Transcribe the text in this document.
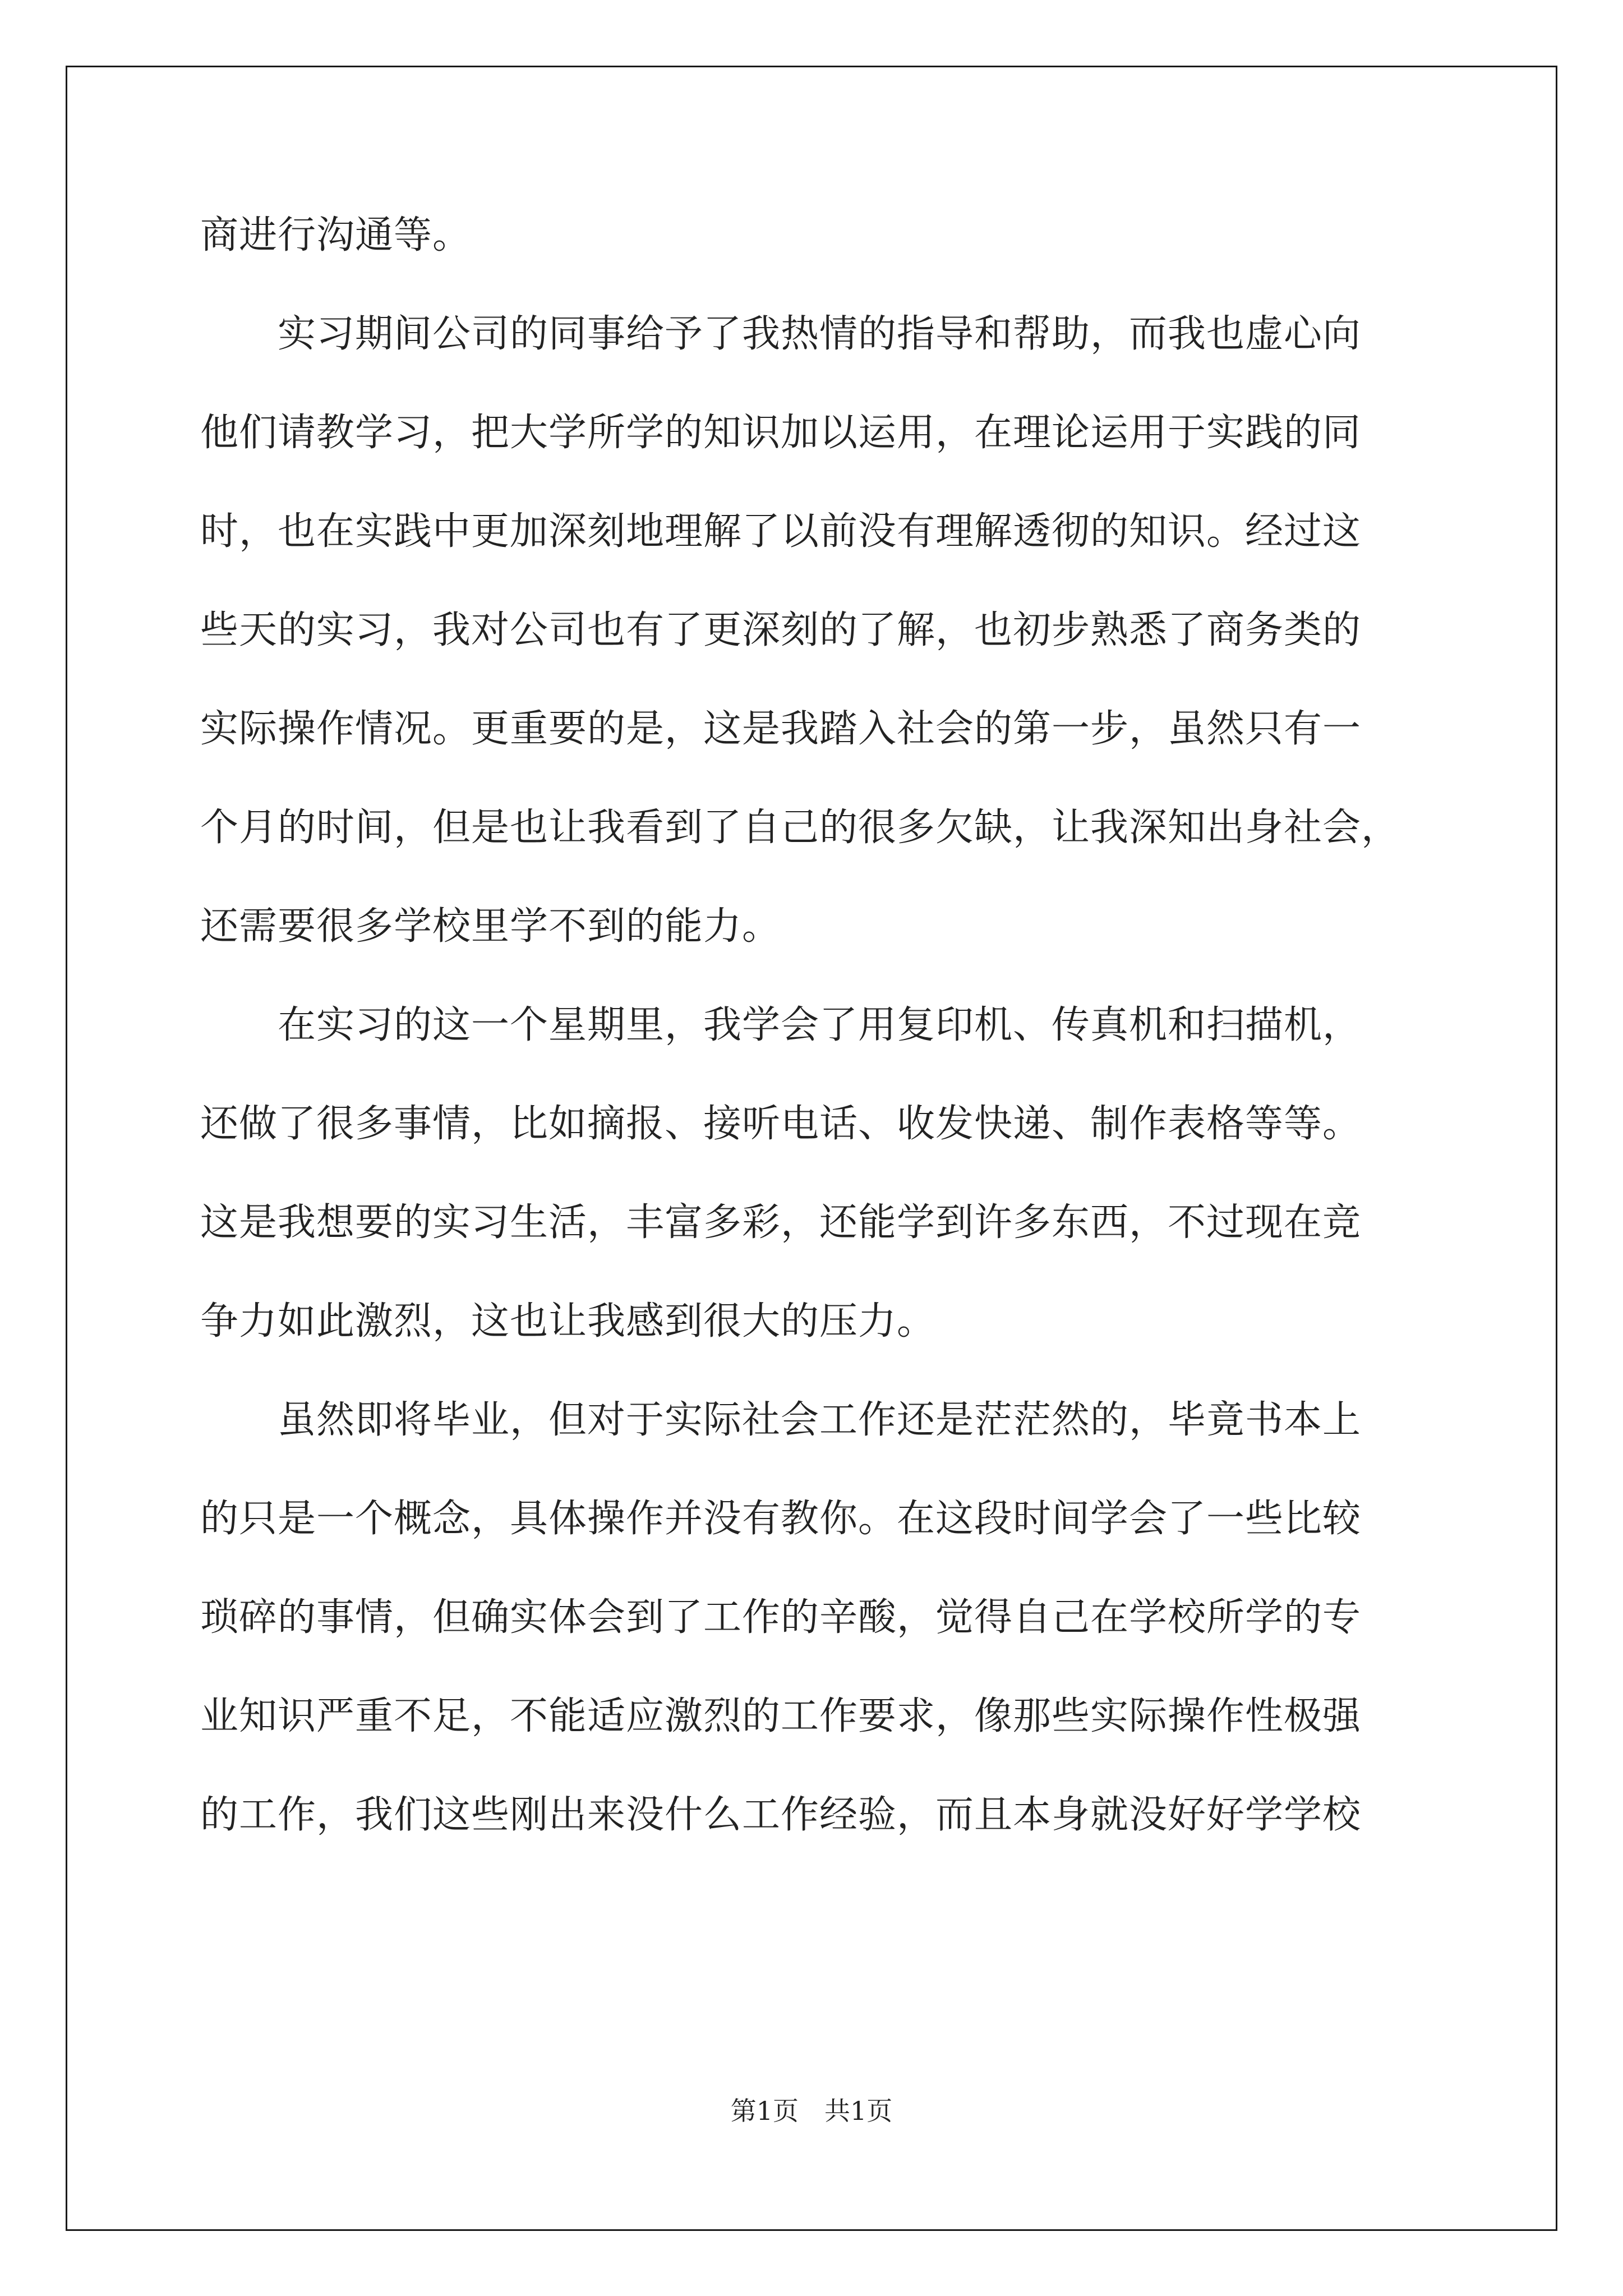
商进行沟通等。
　　实习期间公司的同事给予了我热情的指导和帮助，而我也虚心向
他们请教学习，把大学所学的知识加以运用，在理论运用于实践的同
时，也在实践中更加深刻地理解了以前没有理解透彻的知识。经过这
些天的实习，我对公司也有了更深刻的了解，也初步熟悉了商务类的
实际操作情况。更重要的是，这是我踏入社会的第一步，虽然只有一
个月的时间，但是也让我看到了自己的很多欠缺，让我深知出身社会，
还需要很多学校里学不到的能力。
　　在实习的这一个星期里，我学会了用复印机、传真机和扫描机，
还做了很多事情，比如摘报、接听电话、收发快递、制作表格等等。
这是我想要的实习生活，丰富多彩，还能学到许多东西，不过现在竞
争力如此激烈，这也让我感到很大的压力。
　　虽然即将毕业，但对于实际社会工作还是茫茫然的，毕竟书本上
的只是一个概念，具体操作并没有教你。在这段时间学会了一些比较
琐碎的事情，但确实体会到了工作的辛酸，觉得自己在学校所学的专
业知识严重不足，不能适应激烈的工作要求，像那些实际操作性极强
的工作，我们这些刚出来没什么工作经验，而且本身就没好好学学校
第1页　共1页
